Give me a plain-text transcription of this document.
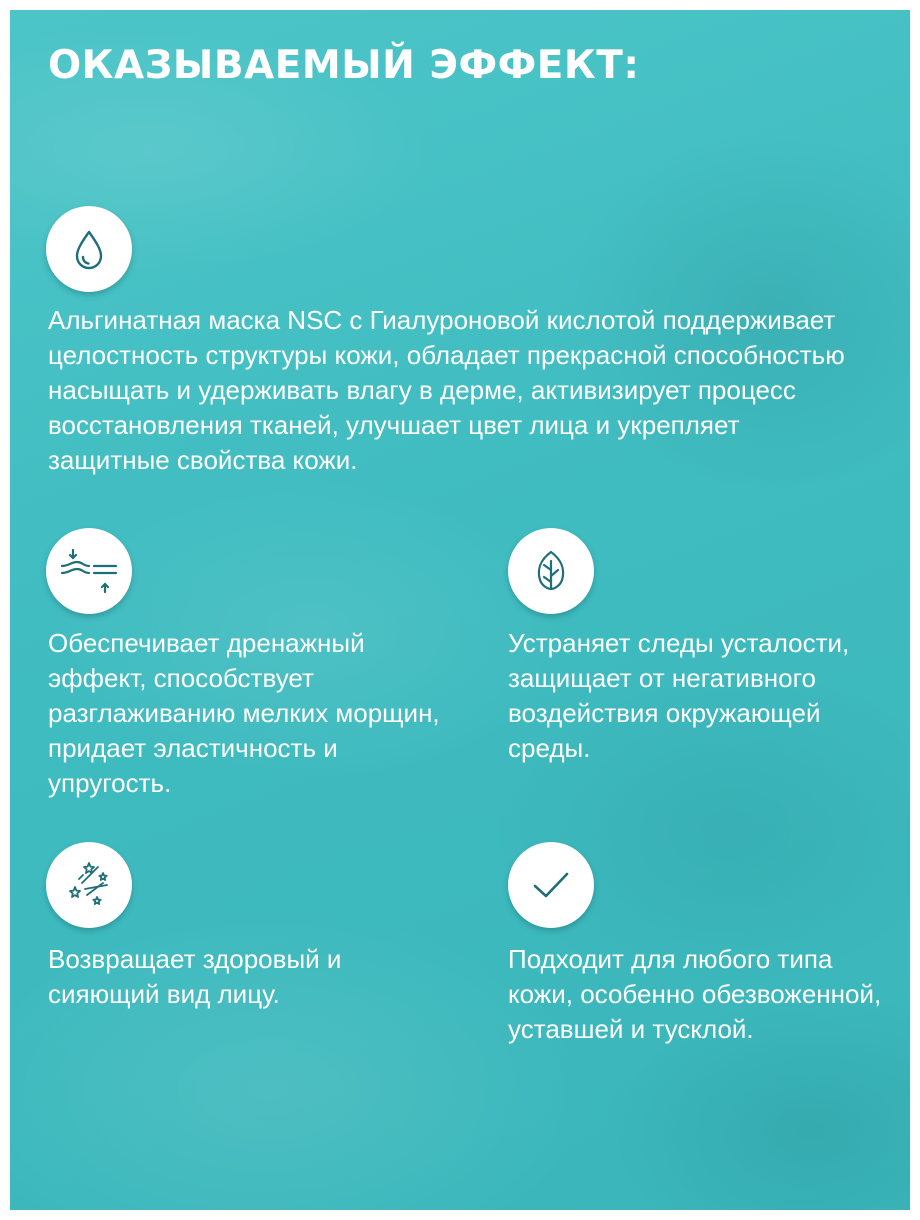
ОКАЗЫВАЕМЫЙ ЭФФЕКТ:

Альгинатная маска NSC с Гиалуроновой кислотой поддерживает целостность структуры кожи, обладает прекрасной способностью насыщать и удерживать влагу в дерме, активизирует процесс восстановления тканей, улучшает цвет лица и укрепляет защитные свойства кожи.

Обеспечивает дренажный эффект, способствует разглаживанию мелких морщин, придает эластичность и упругость.

Устраняет следы усталости, защищает от негативного воздействия окружающей среды.

Возвращает здоровый и сияющий вид лицу.

Подходит для любого типа кожи, особенно обезвоженной, уставшей и тусклой.
